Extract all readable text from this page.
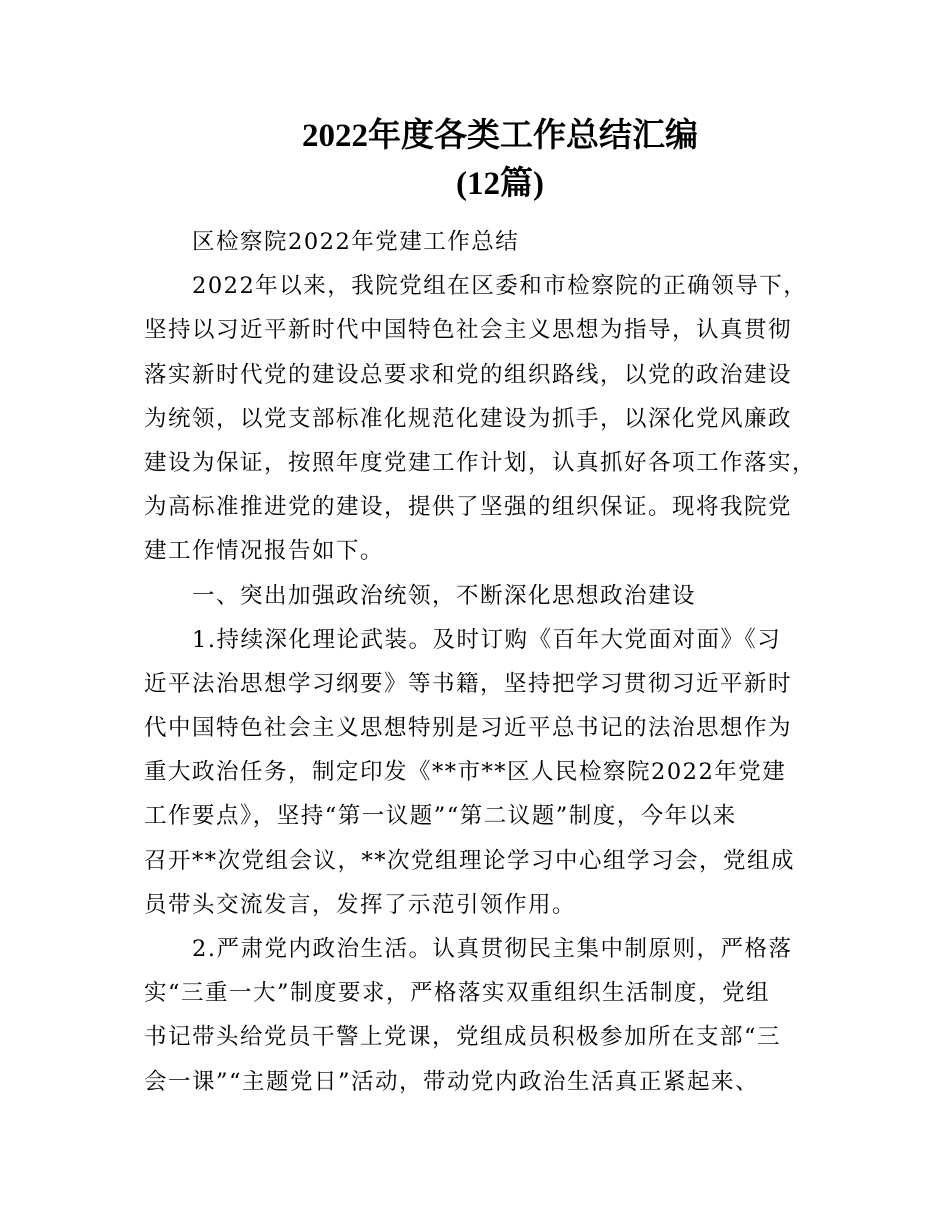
2022年度各类工作总结汇编
(12篇)
区检察院2022年党建工作总结
2022年以来，我院党组在区委和市检察院的正确领导下，
坚持以习近平新时代中国特色社会主义思想为指导，认真贯彻
落实新时代党的建设总要求和党的组织路线，以党的政治建设
为统领，以党支部标准化规范化建设为抓手，以深化党风廉政
建设为保证，按照年度党建工作计划，认真抓好各项工作落实，
为高标准推进党的建设，提供了坚强的组织保证。现将我院党
建工作情况报告如下。
一、突出加强政治统领，不断深化思想政治建设
1.持续深化理论武装。及时订购《百年大党面对面》《习
近平法治思想学习纲要》等书籍，坚持把学习贯彻习近平新时
代中国特色社会主义思想特别是习近平总书记的法治思想作为
重大政治任务，制定印发《**市**区人民检察院2022年党建
工作要点》，坚持“第一议题”“第二议题”制度，今年以来
召开**次党组会议，**次党组理论学习中心组学习会，党组成
员带头交流发言，发挥了示范引领作用。
2.严肃党内政治生活。认真贯彻民主集中制原则，严格落
实“三重一大”制度要求，严格落实双重组织生活制度，党组
书记带头给党员干警上党课，党组成员积极参加所在支部“三
会一课”“主题党日”活动，带动党内政治生活真正紧起来、
